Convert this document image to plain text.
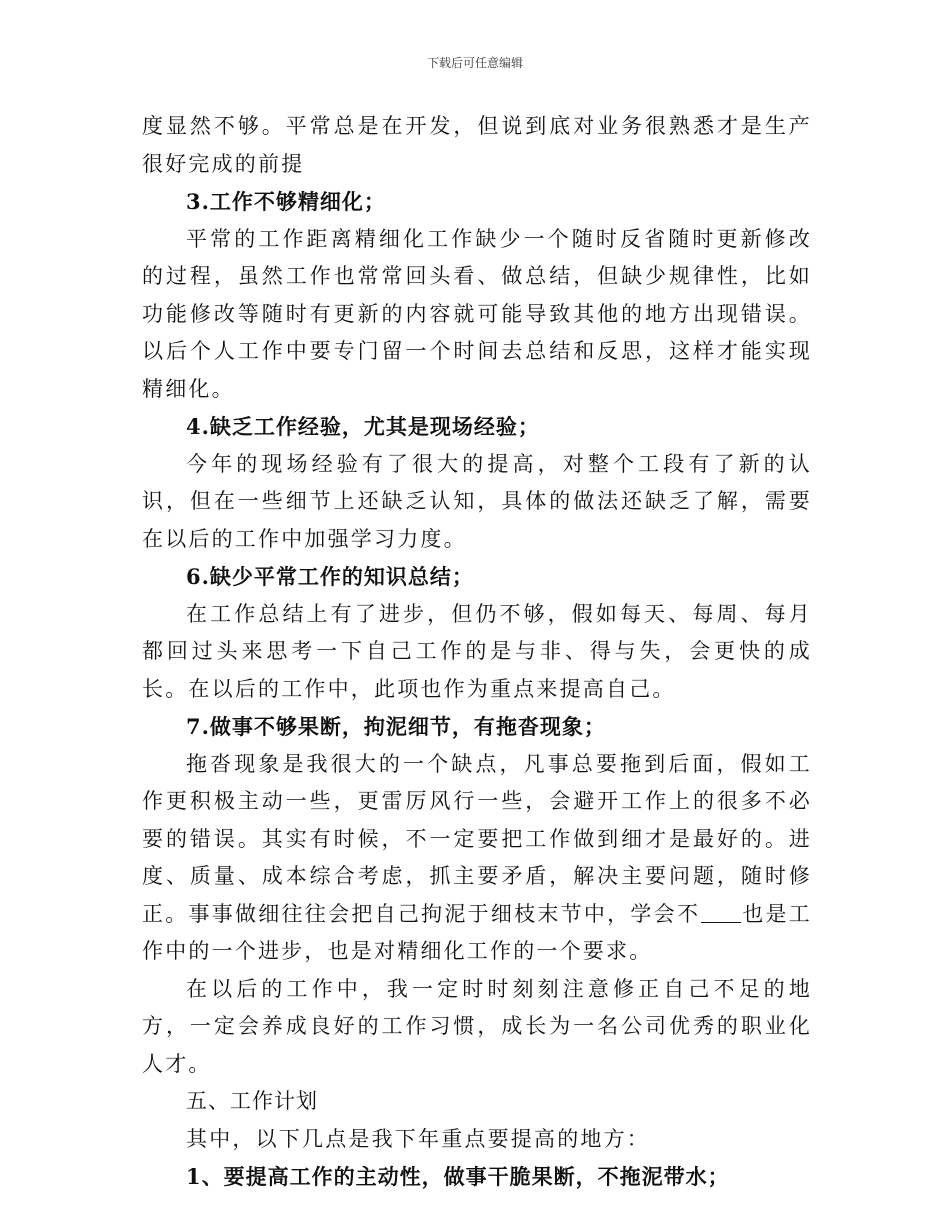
下载后可任意编辑

度显然不够。平常总是在开发，但说到底对业务很熟悉才是生产很好完成的前提

3.工作不够精细化；

平常的工作距离精细化工作缺少一个随时反省随时更新修改的过程，虽然工作也常常回头看、做总结，但缺少规律性，比如功能修改等随时有更新的内容就可能导致其他的地方出现错误。以后个人工作中要专门留一个时间去总结和反思，这样才能实现精细化。

4.缺乏工作经验，尤其是现场经验；

今年的现场经验有了很大的提高，对整个工段有了新的认识，但在一些细节上还缺乏认知，具体的做法还缺乏了解，需要在以后的工作中加强学习力度。

6.缺少平常工作的知识总结；

在工作总结上有了进步，但仍不够，假如每天、每周、每月都回过头来思考一下自己工作的是与非、得与失，会更快的成长。在以后的工作中，此项也作为重点来提高自己。

7.做事不够果断，拘泥细节，有拖沓现象；

拖沓现象是我很大的一个缺点，凡事总要拖到后面，假如工作更积极主动一些，更雷厉风行一些，会避开工作上的很多不必要的错误。其实有时候，不一定要把工作做到细才是最好的。进度、质量、成本综合考虑，抓主要矛盾，解决主要问题，随时修正。事事做细往往会把自己拘泥于细枝末节中，学会不 也是工作中的一个进步，也是对精细化工作的一个要求。

在以后的工作中，我一定时时刻刻注意修正自己不足的地方，一定会养成良好的工作习惯，成长为一名公司优秀的职业化人才。

五、工作计划

其中，以下几点是我下年重点要提高的地方：

1、要提高工作的主动性，做事干脆果断，不拖泥带水；
